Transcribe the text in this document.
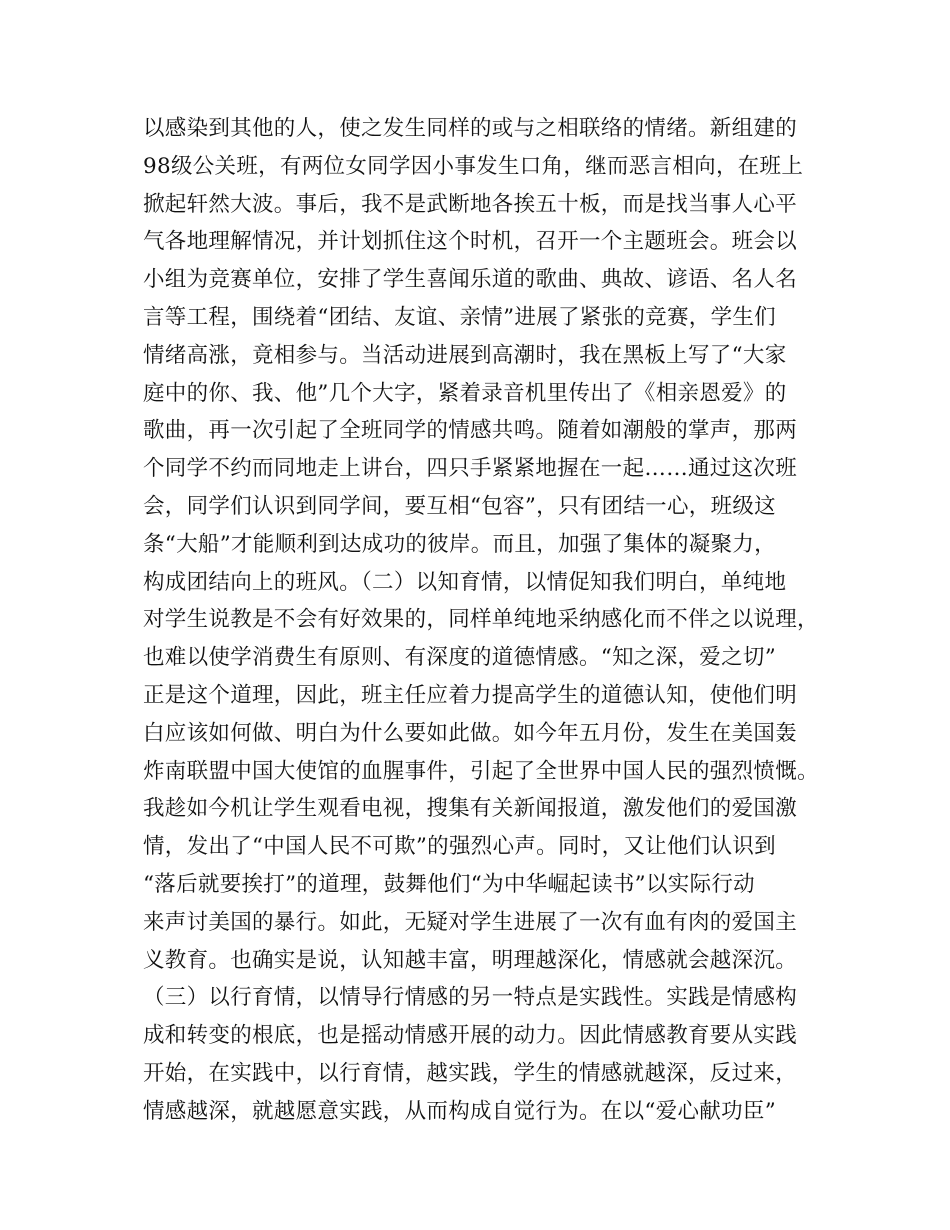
以感染到其他的人，使之发生同样的或与之相联络的情绪。新组建的
98级公关班，有两位女同学因小事发生口角，继而恶言相向，在班上
掀起轩然大波。事后，我不是武断地各挨五十板，而是找当事人心平
气各地理解情况，并计划抓住这个时机，召开一个主题班会。班会以
小组为竞赛单位，安排了学生喜闻乐道的歌曲、典故、谚语、名人名
言等工程，围绕着“团结、友谊、亲情”进展了紧张的竞赛，学生们
情绪高涨，竟相参与。当活动进展到高潮时，我在黑板上写了“大家
庭中的你、我、他”几个大字，紧着录音机里传出了《相亲恩爱》的
歌曲，再一次引起了全班同学的情感共鸣。随着如潮般的掌声，那两
个同学不约而同地走上讲台，四只手紧紧地握在一起……通过这次班
会，同学们认识到同学间，要互相“包容”，只有团结一心，班级这
条“大船”才能顺利到达成功的彼岸。而且，加强了集体的凝聚力，
构成团结向上的班风。（二）以知育情，以情促知我们明白，单纯地
对学生说教是不会有好效果的，同样单纯地采纳感化而不伴之以说理，
也难以使学消费生有原则、有深度的道德情感。“知之深，爱之切”
正是这个道理，因此，班主任应着力提高学生的道德认知，使他们明
白应该如何做、明白为什么要如此做。如今年五月份，发生在美国轰
炸南联盟中国大使馆的血腥事件，引起了全世界中国人民的强烈愤慨。
我趁如今机让学生观看电视，搜集有关新闻报道，激发他们的爱国激
情，发出了“中国人民不可欺”的强烈心声。同时，又让他们认识到
“落后就要挨打”的道理，鼓舞他们“为中华崛起读书”以实际行动
来声讨美国的暴行。如此，无疑对学生进展了一次有血有肉的爱国主
义教育。也确实是说，认知越丰富，明理越深化，情感就会越深沉。
（三）以行育情，以情导行情感的另一特点是实践性。实践是情感构
成和转变的根底，也是摇动情感开展的动力。因此情感教育要从实践
开始，在实践中，以行育情，越实践，学生的情感就越深，反过来，
情感越深，就越愿意实践，从而构成自觉行为。在以“爱心献功臣”
